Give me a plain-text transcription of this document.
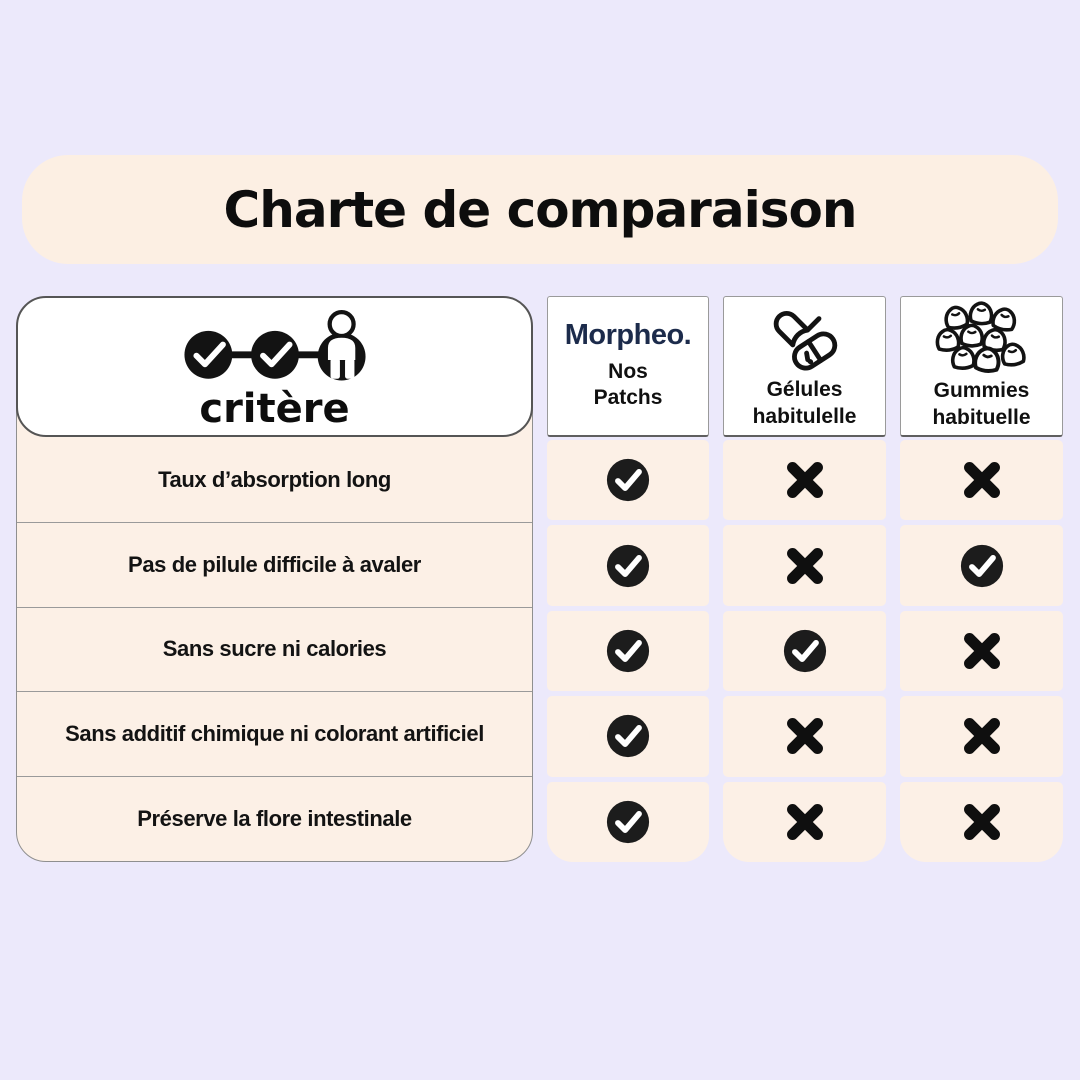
Charte de comparaison
critère
Taux d’absorption long
Pas de pilule difficile à avaler
Sans sucre ni calories
Sans additif chimique ni colorant artificiel
Préserve la flore intestinale
Morpheo.
Nos Patchs	Gélules habitulelle
Gummies habituelle
